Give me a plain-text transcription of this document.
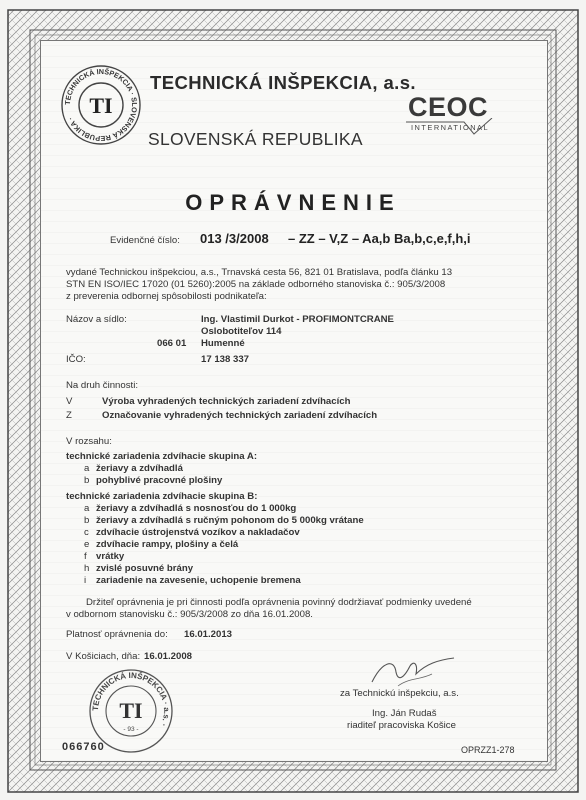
TECHNICKÁ INŠPEKCIA · SLOVENSKÁ REPUBLIKA ·
TI
TECHNICKÁ INŠPEKCIA, a.s.
SLOVENSKÁ REPUBLIKA
CEOC
INTERNATIONAL
OPRÁVNENIE
Evidenčné číslo: 013 /3/2008 – ZZ – V,Z – Aa,b Ba,b,c,e,f,h,i
vydané Technickou inšpekciou, a.s., Trnavská cesta 56, 821 01 Bratislava, podľa článku 13
STN EN ISO/IEC 17020 (01 5260):2005 na základe odborného stanoviska č.: 905/3/2008
z preverenia odbornej spôsobilosti podnikateľa:
Názov a sídlo:	Ing. Vlastimil Durkot - PROFIMONTCRANE
Oslobotiteľov 114
066 01 Humenné
IČO:	17 138 337
Na druh činnosti:
V	Výroba vyhradených technických zariadení zdvíhacích
Z	Označovanie vyhradených technických zariadení zdvíhacích
V rozsahu:
technické zariadenia zdvíhacie skupina A:
a žeriavy a zdvíhadlá
b pohyblivé pracovné plošiny
technické zariadenia zdvíhacie skupina B:
a žeriavy a zdvíhadlá s nosnosťou do 1 000kg
b žeriavy a zdvíhadlá s ručným pohonom do 5 000kg vrátane
c zdvíhacie ústrojenstvá vozíkov a nakladačov
e zdvíhacie rampy, plošiny a čelá
f vrátky
h zvislé posuvné brány
i zariadenie na zavesenie, uchopenie bremena
Držiteľ oprávnenia je pri činnosti podľa oprávnenia povinný dodržiavať podmienky uvedené
v odbornom stanovisku č.: 905/3/2008 zo dňa 16.01.2008.
Platnosť oprávnenia do: 16.01.2013
V Košiciach, dňa: 16.01.2008
TECHNICKÁ INŠPEKCIA · a.s. ·
TI
- 93 -
za Technickú inšpekciu, a.s.
Ing. Ján Rudaš
riaditeľ pracoviska Košice
066760	OPRZZ1-278
